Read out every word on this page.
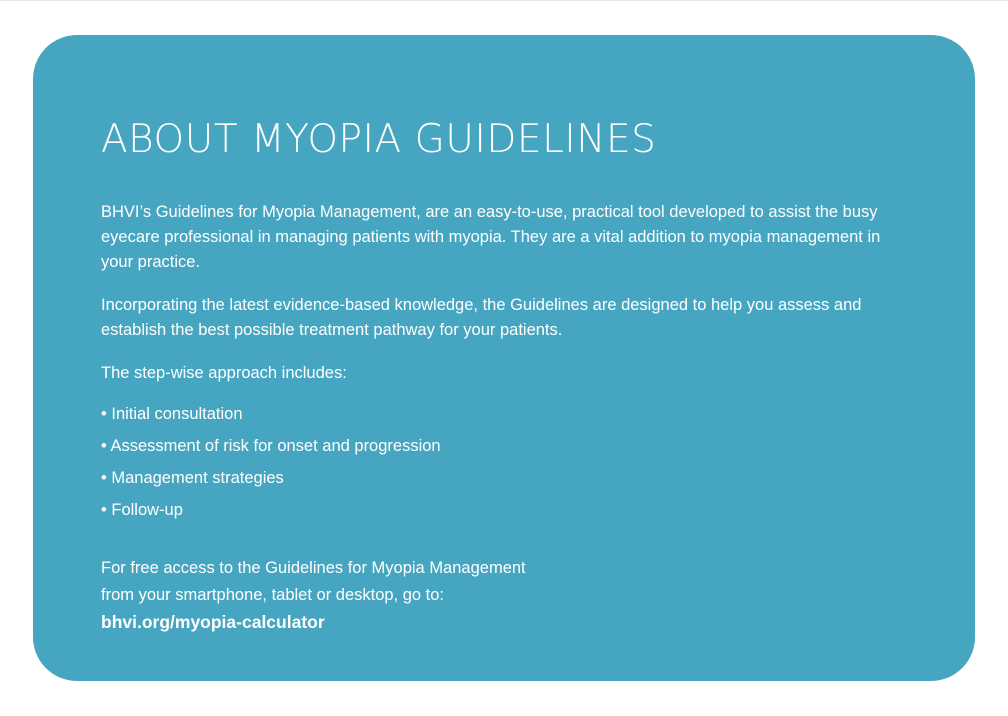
ABOUT MYOPIA GUIDELINES

BHVI’s Guidelines for Myopia Management, are an easy-to-use, practical tool developed to assist the busy eyecare professional in managing patients with myopia. They are a vital addition to myopia management in your practice.

Incorporating the latest evidence-based knowledge, the Guidelines are designed to help you assess and establish the best possible treatment pathway for your patients.

The step-wise approach includes:

• Initial consultation
• Assessment of risk for onset and progression
• Management strategies
• Follow-up
For free access to the Guidelines for Myopia Management
from your smartphone, tablet or desktop, go to:
bhvi.org/myopia-calculator
